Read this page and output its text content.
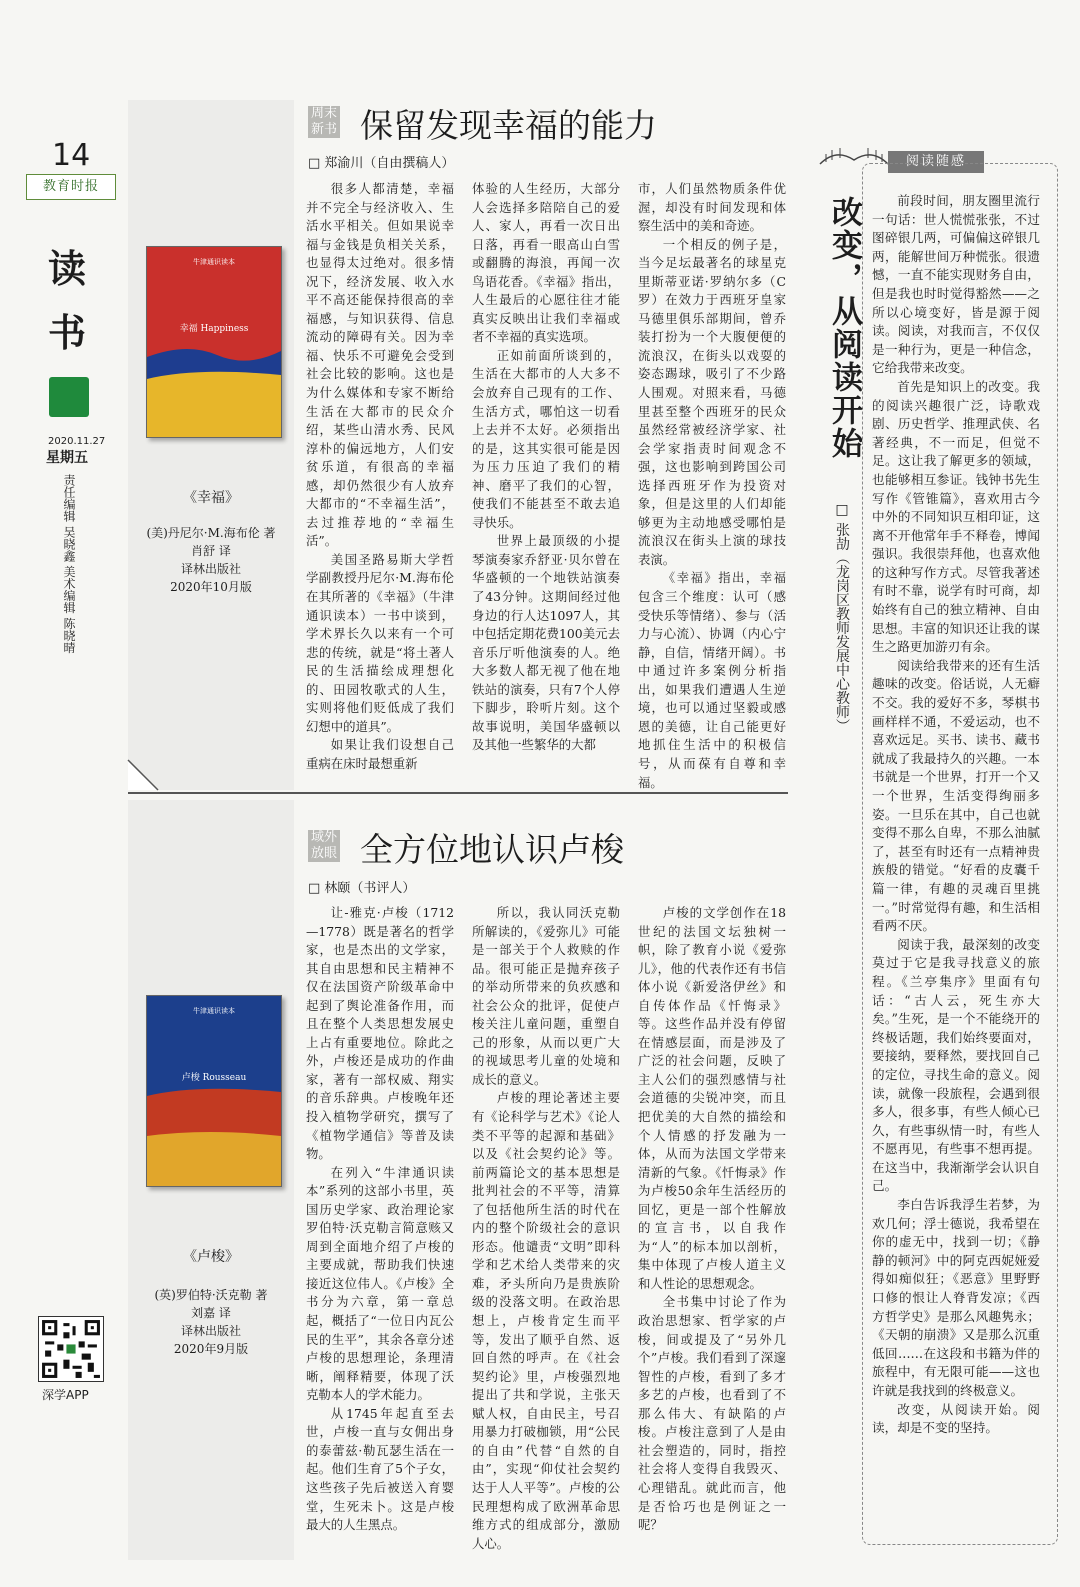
14
教育时报
读
书
2020.11.27
星期五
责任编辑 吴晓鑫 美术编辑 陈晓晴
深学APP
牛津通识读本
幸福 Happiness
《幸福》
(美)丹尼尔·M.海布伦 著
肖舒 译
译林出版社
2020年10月版
周末新书 保留发现幸福的能力
□ 郑渝川（自由撰稿人）

很多人都清楚，幸福并不完全与经济收入、生活水平相关。但如果说幸福与金钱是负相关关系，也显得太过绝对。很多情况下，经济发展、收入水平不高还能保持很高的幸福感，与知识获得、信息流动的障碍有关。因为幸福、快乐不可避免会受到社会比较的影响。这也是为什么媒体和专家不断给生活在大都市的民众介绍，某些山清水秀、民风淳朴的偏远地方，人们安贫乐道，有很高的幸福感，却仍然很少有人放弃大都市的“不幸福生活”，去过推荐地的“幸福生活”。

美国圣路易斯大学哲学副教授丹尼尔·M.海布伦在其所著的《幸福》（牛津通识读本）一书中谈到，学术界长久以来有一个可悲的传统，就是“将土著人民的生活描绘成理想化的、田园牧歌式的人生，实则将他们贬低成了我们幻想中的道具”。

如果让我们设想自己重病在床时最想重新

体验的人生经历，大部分人会选择多陪陪自己的爱人、家人，再看一次日出日落，再看一眼高山白雪或翻腾的海浪，再闻一次鸟语花香。《幸福》指出，人生最后的心愿往往才能真实反映出让我们幸福或者不幸福的真实选项。

正如前面所谈到的，生活在大都市的人大多不会放弃自己现有的工作、生活方式，哪怕这一切看上去并不太好。必须指出的是，这其实很可能是因为压力压迫了我们的精神、磨平了我们的心智，使我们不能甚至不敢去追寻快乐。

世界上最顶级的小提琴演奏家乔舒亚·贝尔曾在华盛顿的一个地铁站演奏了43分钟。这期间经过他身边的行人达1097人，其中包括定期花费100美元去音乐厅听他演奏的人。绝大多数人都无视了他在地铁站的演奏，只有7个人停下脚步，聆听片刻。这个故事说明，美国华盛顿以及其他一些繁华的大都

市，人们虽然物质条件优渥，却没有时间发现和体察生活中的美和奇迹。

一个相反的例子是，当今足坛最著名的球星克里斯蒂亚诺·罗纳尔多（C罗）在效力于西班牙皇家马德里俱乐部期间，曾乔装打扮为一个大腹便便的流浪汉，在街头以戏耍的姿态踢球，吸引了不少路人围观。对照来看，马德里甚至整个西班牙的民众虽然经常被经济学家、社会学家指责时间观念不强，这也影响到跨国公司选择西班牙作为投资对象，但是这里的人们却能够更为主动地感受哪怕是流浪汉在街头上演的球技表演。

《幸福》指出，幸福包含三个维度：认可（感受快乐等情绪）、参与（活力与心流）、协调（内心宁静，自信，情绪开阔）。书中通过许多案例分析指出，如果我们遭遇人生逆境，也可以通过坚毅或感恩的美德，让自己能更好地抓住生活中的积极信号，从而葆有自尊和幸福。

牛津通识读本
卢梭 Rousseau
《卢梭》
(英)罗伯特·沃克勒 著
刘嘉 译
译林出版社
2020年9月版
域外放眼 全方位地认识卢梭
□ 林颐（书评人）

让-雅克·卢梭（1712—1778）既是著名的哲学家，也是杰出的文学家，其自由思想和民主精神不仅在法国资产阶级革命中起到了舆论准备作用，而且在整个人类思想发展史上占有重要地位。除此之外，卢梭还是成功的作曲家，著有一部权威、翔实的音乐辞典。卢梭晚年还投入植物学研究，撰写了《植物学通信》等普及读物。

在列入“牛津通识读本”系列的这部小书里，英国历史学家、政治理论家罗伯特·沃克勒言简意赅又周到全面地介绍了卢梭的主要成就，帮助我们快速接近这位伟人。《卢梭》全书分为六章，第一章总起，概括了“一位日内瓦公民的生平”，其余各章分述卢梭的思想理论，条理清晰，阐释精要，体现了沃克勒本人的学术能力。

从1745年起直至去世，卢梭一直与女佣出身的泰蕾兹·勒瓦瑟生活在一起。他们生育了5个子女，这些孩子先后被送入育婴堂，生死未卜。这是卢梭最大的人生黑点。

所以，我认同沃克勒所解读的，《爱弥儿》可能是一部关于个人救赎的作品。很可能正是抛弃孩子的举动所带来的负疚感和社会公众的批评，促使卢梭关注儿童问题，重塑自己的形象，从而以更广大的视域思考儿童的处境和成长的意义。

卢梭的理论著述主要有《论科学与艺术》《论人类不平等的起源和基础》以及《社会契约论》等。前两篇论文的基本思想是批判社会的不平等，清算了包括他所生活的时代在内的整个阶级社会的意识形态。他谴责“文明”即科学和艺术给人类带来的灾难，矛头所向乃是贵族阶级的没落文明。在政治思想上，卢梭肯定生而平等，发出了顺乎自然、返回自然的呼声。在《社会契约论》里，卢梭强烈地提出了共和学说，主张天赋人权，自由民主，号召用暴力打破枷锁，用“公民的自由”代替“自然的自由”，实现“仰仗社会契约达于人人平等”。卢梭的公民理想构成了欧洲革命思维方式的组成部分，激励人心。

卢梭的文学创作在18世纪的法国文坛独树一帜，除了教育小说《爱弥儿》，他的代表作还有书信体小说《新爱洛伊丝》和自传体作品《忏悔录》等。这些作品并没有停留在情感层面，而是涉及了广泛的社会问题，反映了主人公们的强烈感情与社会道德的尖锐冲突，而且把优美的大自然的描绘和个人情感的抒发融为一体，从而为法国文学带来清新的气象。《忏悔录》作为卢梭50余年生活经历的回忆，更是一部个性解放的宣言书，以自我作为“人”的标本加以剖析，集中体现了卢梭人道主义和人性论的思想观念。

全书集中讨论了作为政治思想家、哲学家的卢梭，间或提及了“另外几个”卢梭。我们看到了深邃智性的卢梭，看到了多才多艺的卢梭，也看到了不那么伟大、有缺陷的卢梭。卢梭注意到了人是由社会塑造的，同时，指控社会将人变得自我毁灭、心理错乱。就此而言，他是否恰巧也是例证之一呢？

阅读随感
改变，从阅读开始
□ 张劼（龙岗区教师发展中心教师）

前段时间，朋友圈里流行一句话：世人慌慌张张，不过图碎银几两，可偏偏这碎银几两，能解世间万种慌张。很遗憾，一直不能实现财务自由，但是我也时时觉得豁然——之所以心境变好，皆是源于阅读。阅读，对我而言，不仅仅是一种行为，更是一种信念，它给我带来改变。

首先是知识上的改变。我的阅读兴趣很广泛，诗歌戏剧、历史哲学、推理武侠、名著经典，不一而足，但觉不足。这让我了解更多的领域，也能够相互参证。钱钟书先生写作《管锥篇》，喜欢用古今中外的不同知识互相印证，这离不开他常年手不释卷，博闻强识。我很崇拜他，也喜欢他的这种写作方式。尽管我著述有时不靠，说学有时可商，却始终有自己的独立精神、自由思想。丰富的知识还让我的谋生之路更加游刃有余。

阅读给我带来的还有生活趣味的改变。俗话说，人无癖不交。我的爱好不多，琴棋书画样样不通，不爱运动，也不喜欢远足。买书、读书、藏书就成了我最持久的兴趣。一本书就是一个世界，打开一个又一个世界，生活变得绚丽多姿。一旦乐在其中，自己也就变得不那么自卑，不那么油腻了，甚至有时还有一点精神贵族般的错觉。“好看的皮囊千篇一律，有趣的灵魂百里挑一。”时常觉得有趣，和生活相看两不厌。

阅读于我，最深刻的改变莫过于它是我寻找意义的旅程。《兰亭集序》里面有句话：“古人云，死生亦大矣。”生死，是一个不能绕开的终极话题，我们始终要面对，要接纳，要释然，要找回自己的定位，寻找生命的意义。阅读，就像一段旅程，会遇到很多人，很多事，有些人倾心已久，有些事纵情一时，有些人不愿再见，有些事不想再提。在这当中，我渐渐学会认识自己。

李白告诉我浮生若梦，为欢几何；浮士德说，我希望在你的虚无中，找到一切；《静静的顿河》中的阿克西妮娅爱得如痴似狂；《恶意》里野野口修的恨让人脊背发凉；《西方哲学史》是那么风趣隽永；《天朝的崩溃》又是那么沉重低回……在这段和书籍为伴的旅程中，有无限可能——这也许就是我找到的终极意义。

改变，从阅读开始。阅读，却是不变的坚持。
